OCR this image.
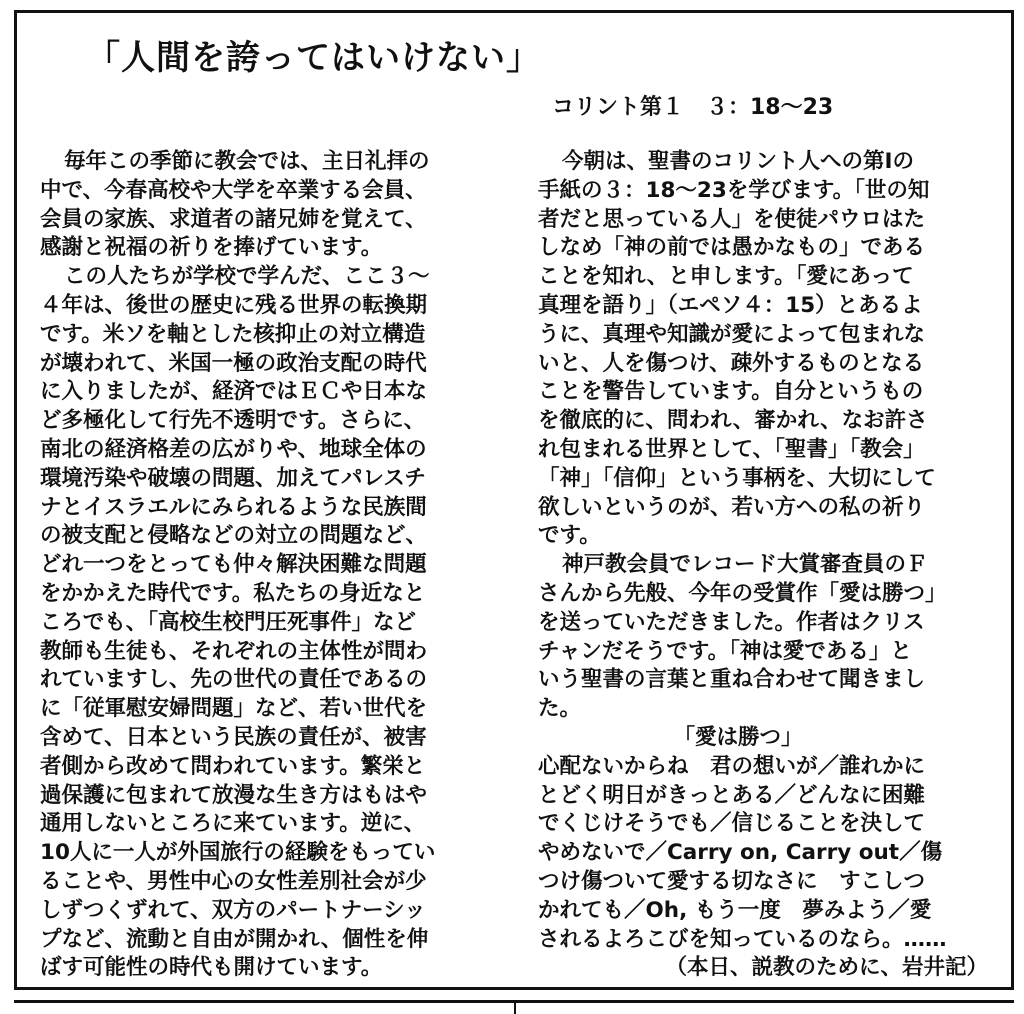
「人間を誇ってはいけない」
コリント第１　３：18～23
毎年この季節に教会では、主日礼拝の
中で、今春高校や大学を卒業する会員、
会員の家族、求道者の諸兄姉を覚えて、
感謝と祝福の祈りを捧げています。
この人たちが学校で学んだ、ここ３～
４年は、後世の歴史に残る世界の転換期
です。米ソを軸とした核抑止の対立構造
が壊われて、米国一極の政治支配の時代
に入りましたが、経済ではＥＣや日本な
ど多極化して行先不透明です。さらに、
南北の経済格差の広がりや、地球全体の
環境汚染や破壊の問題、加えてパレスチ
ナとイスラエルにみられるような民族間
の被支配と侵略などの対立の問題など、
どれ一つをとっても仲々解決困難な問題
をかかえた時代です。私たちの身近なと
ころでも、「高校生校門圧死事件」など
教師も生徒も、それぞれの主体性が問わ
れていますし、先の世代の責任であるの
に「従軍慰安婦問題」など、若い世代を
含めて、日本という民族の責任が、被害
者側から改めて問われています。繁栄と
過保護に包まれて放漫な生き方はもはや
通用しないところに来ています。逆に、
10人に一人が外国旅行の経験をもってい
ることや、男性中心の女性差別社会が少
しずつくずれて、双方のパートナーシッ
プなど、流動と自由が開かれ、個性を伸
ばす可能性の時代も開けています。
今朝は、聖書のコリント人への第Ⅰの
手紙の３：18～23を学びます。「世の知
者だと思っている人」を使徒パウロはた
しなめ「神の前では愚かなもの」である
ことを知れ、と申します。「愛にあって
真理を語り」（エペソ４：15）とあるよ
うに、真理や知識が愛によって包まれな
いと、人を傷つけ、疎外するものとなる
ことを警告しています。自分というもの
を徹底的に、問われ、審かれ、なお許さ
れ包まれる世界として、「聖書」「教会」
「神」「信仰」という事柄を、大切にして
欲しいというのが、若い方への私の祈り
です。
神戸教会員でレコード大賞審査員のＦ
さんから先般、今年の受賞作「愛は勝つ」
を送っていただきました。作者はクリス
チャンだそうです。「神は愛である」と
いう聖書の言葉と重ね合わせて聞きまし
た。
「愛は勝つ」
心配ないからね　君の想いが／誰れかに
とどく明日がきっとある／どんなに困難
でくじけそうでも／信じることを決して
やめないで／Carry on, Carry out／傷
つけ傷ついて愛する切なさに　すこしつ
かれても／Oh, もう一度　夢みよう／愛
されるよろこびを知っているのなら。……
（本日、説教のために、岩井記）
